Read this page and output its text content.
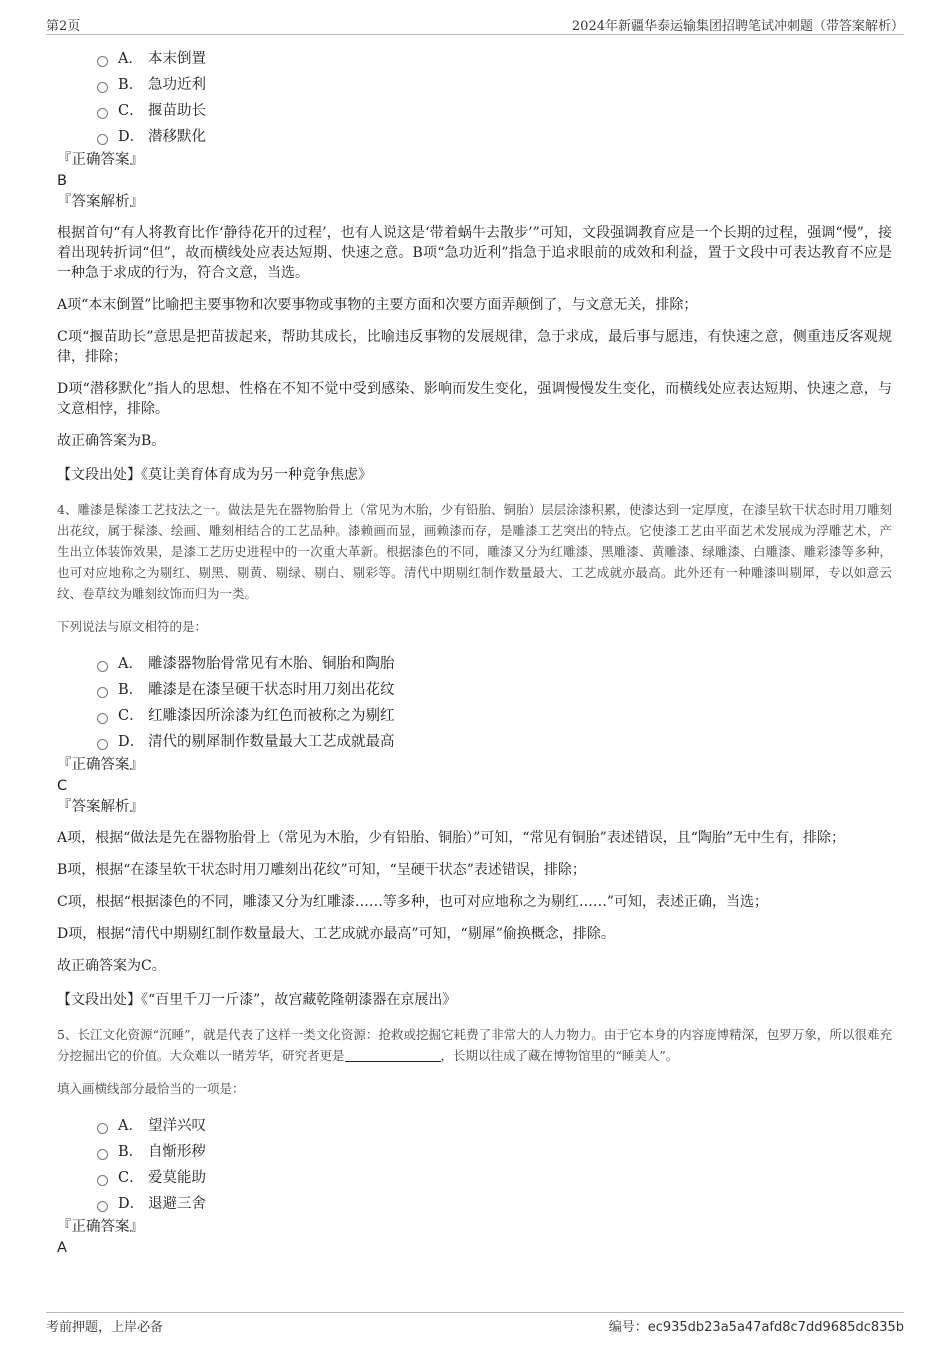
第2页	2024年新疆华泰运输集团招聘笔试冲刺题（带答案解析）
A． 本末倒置
B． 急功近利
C． 揠苗助长
D． 潜移默化
『正确答案』
B
『答案解析』

根据首句“有人将教育比作‘静待花开的过程’，也有人说这是‘带着蜗牛去散步’”可知，文段强调教育应是一个长期的过程，强调“慢”，接着出现转折词“但”，故而横线处应表达短期、快速之意。B项“急功近利”指急于追求眼前的成效和利益，置于文段中可表达教育不应是一种急于求成的行为，符合文意，当选。

A项“本末倒置”比喻把主要事物和次要事物或事物的主要方面和次要方面弄颠倒了，与文意无关，排除；

C项“揠苗助长”意思是把苗拔起来，帮助其成长，比喻违反事物的发展规律，急于求成，最后事与愿违，有快速之意，侧重违反客观规律，排除；

D项“潜移默化”指人的思想、性格在不知不觉中受到感染、影响而发生变化，强调慢慢发生变化，而横线处应表达短期、快速之意，与文意相悖，排除。

故正确答案为B。

【文段出处】《莫让美育体育成为另一种竞争焦虑》

4、雕漆是髹漆工艺技法之一。做法是先在器物胎骨上（常见为木胎，少有铅胎、铜胎）层层涂漆积累，使漆达到一定厚度，在漆呈软干状态时用刀雕刻出花纹，属于髹漆、绘画、雕刻相结合的工艺品种。漆赖画而显，画赖漆而存，是雕漆工艺突出的特点。它使漆工艺由平面艺术发展成为浮雕艺术，产生出立体装饰效果，是漆工艺历史进程中的一次重大革新。根据漆色的不同，雕漆又分为红雕漆、黑雕漆、黄雕漆、绿雕漆、白雕漆、雕彩漆等多种，也可对应地称之为剔红、剔黑、剔黄、剔绿、剔白、剔彩等。清代中期剔红制作数量最大、工艺成就亦最高。此外还有一种雕漆叫剔犀，专以如意云纹、卷草纹为雕刻纹饰而归为一类。

下列说法与原文相符的是：

A． 雕漆器物胎骨常见有木胎、铜胎和陶胎
B． 雕漆是在漆呈硬干状态时用刀刻出花纹
C． 红雕漆因所涂漆为红色而被称之为剔红
D． 清代的剔犀制作数量最大工艺成就最高
『正确答案』
C
『答案解析』

A项，根据“做法是先在器物胎骨上（常见为木胎，少有铅胎、铜胎）”可知，“常见有铜胎”表述错误，且“陶胎”无中生有，排除；

B项，根据“在漆呈软干状态时用刀雕刻出花纹”可知，“呈硬干状态”表述错误，排除；

C项，根据“根据漆色的不同，雕漆又分为红雕漆……等多种，也可对应地称之为剔红……”可知，表述正确，当选；

D项，根据“清代中期剔红制作数量最大、工艺成就亦最高”可知，“剔犀”偷换概念，排除。

故正确答案为C。

【文段出处】《“百里千刀一斤漆”，故宫藏乾隆朝漆器在京展出》

5、长江文化资源“沉睡”，就是代表了这样一类文化资源：抢救或挖掘它耗费了非常大的人力物力。由于它本身的内容庞博精深，包罗万象，所以很难充分挖掘出它的价值。大众难以一睹芳华，研究者更是	，长期以往成了藏在博物馆里的“睡美人”。

填入画横线部分最恰当的一项是：

A． 望洋兴叹
B． 自惭形秽
C． 爱莫能助
D． 退避三舍
『正确答案』
A
考前押题，上岸必备	编号：ec935db23a5a47afd8c7dd9685dc835b
